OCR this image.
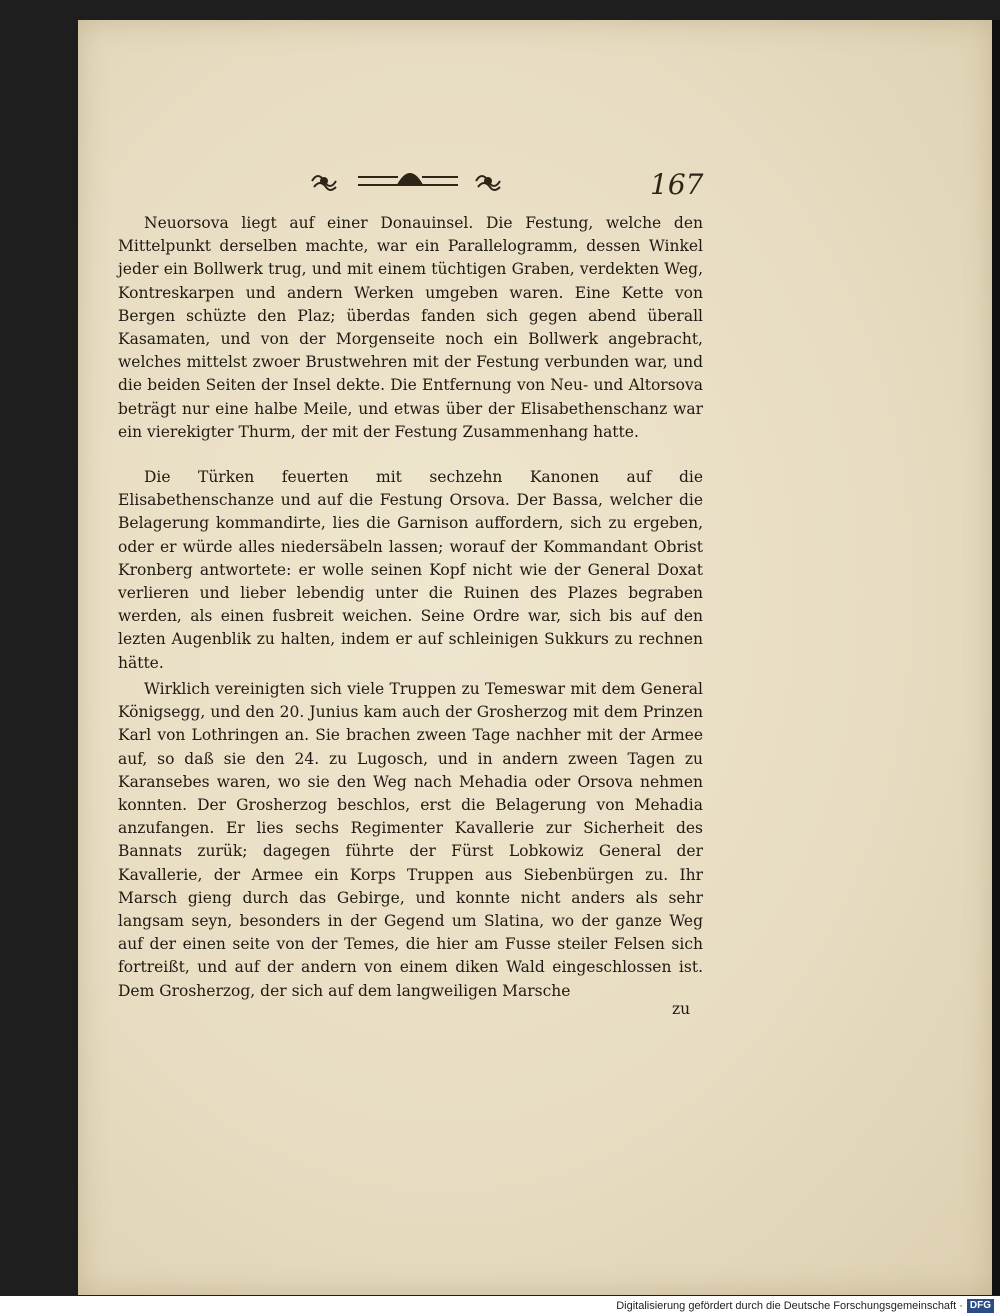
167

Neuorsova liegt auf einer Donauinsel. Die Festung, welche den Mittelpunkt derselben machte, war ein Parallelogramm, dessen Winkel jeder ein Bollwerk trug, und mit einem tüchtigen Graben, verdekten Weg, Kontreskarpen und andern Werken umgeben waren. Eine Kette von Bergen schüzte den Plaz; überdas fanden sich gegen abend überall Kasamaten, und von der Morgenseite noch ein Bollwerk angebracht, welches mittelst zwoer Brustwehren mit der Festung verbunden war, und die beiden Seiten der Insel dekte. Die Entfernung von Neu- und Altorsova beträgt nur eine halbe Meile, und etwas über der Elisabethenschanz war ein vierekigter Thurm, der mit der Festung Zusammenhang hatte.

Die Türken feuerten mit sechzehn Kanonen auf die Elisabethenschanze und auf die Festung Orsova. Der Bassa, welcher die Belagerung kommandirte, lies die Garnison auffordern, sich zu ergeben, oder er würde alles niedersäbeln lassen; worauf der Kommandant Obrist Kronberg antwortete: er wolle seinen Kopf nicht wie der General Doxat verlieren und lieber lebendig unter die Ruinen des Plazes begraben werden, als einen fusbreit weichen. Seine Ordre war, sich bis auf den lezten Augenblik zu halten, indem er auf schleinigen Sukkurs zu rechnen hätte.

Wirklich vereinigten sich viele Truppen zu Temeswar mit dem General Königsegg, und den 20. Junius kam auch der Grosherzog mit dem Prinzen Karl von Lothringen an. Sie brachen zween Tage nachher mit der Armee auf, so daß sie den 24. zu Lugosch, und in andern zween Tagen zu Karansebes waren, wo sie den Weg nach Mehadia oder Orsova nehmen konnten. Der Grosherzog beschlos, erst die Belagerung von Mehadia anzufangen. Er lies sechs Regimenter Kavallerie zur Sicherheit des Bannats zurük; dagegen führte der Fürst Lobkowiz General der Kavallerie, der Armee ein Korps Truppen aus Siebenbürgen zu. Ihr Marsch gieng durch das Gebirge, und konnte nicht anders als sehr langsam seyn, besonders in der Gegend um Slatina, wo der ganze Weg auf der einen seite von der Temes, die hier am Fusse steiler Felsen sich fortreißt, und auf der andern von einem diken Wald eingeschlossen ist. Dem Grosherzog, der sich auf dem langweiligen Marsche

zu
Digitalisierung gefördert durch die Deutsche Forschungsgemeinschaft · DFG
